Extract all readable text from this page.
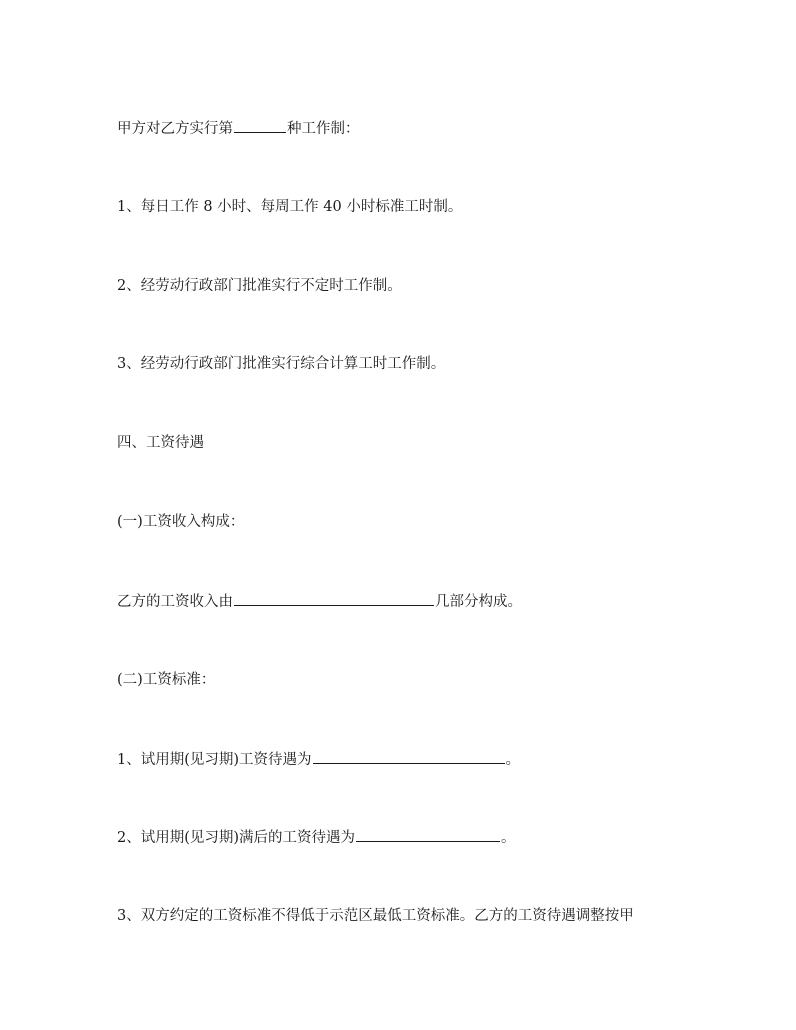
甲方对乙方实行第	种工作制：

1、每日工作 8 小时、每周工作 40 小时标准工时制。

2、经劳动行政部门批准实行不定时工作制。

3、经劳动行政部门批准实行综合计算工时工作制。

四、工资待遇

(一)工资收入构成：

乙方的工资收入由	几部分构成。

(二)工资标准：

1、试用期(见习期)工资待遇为	。

2、试用期(见习期)满后的工资待遇为	。

3、双方约定的工资标准不得低于示范区最低工资标准。乙方的工资待遇调整按甲
